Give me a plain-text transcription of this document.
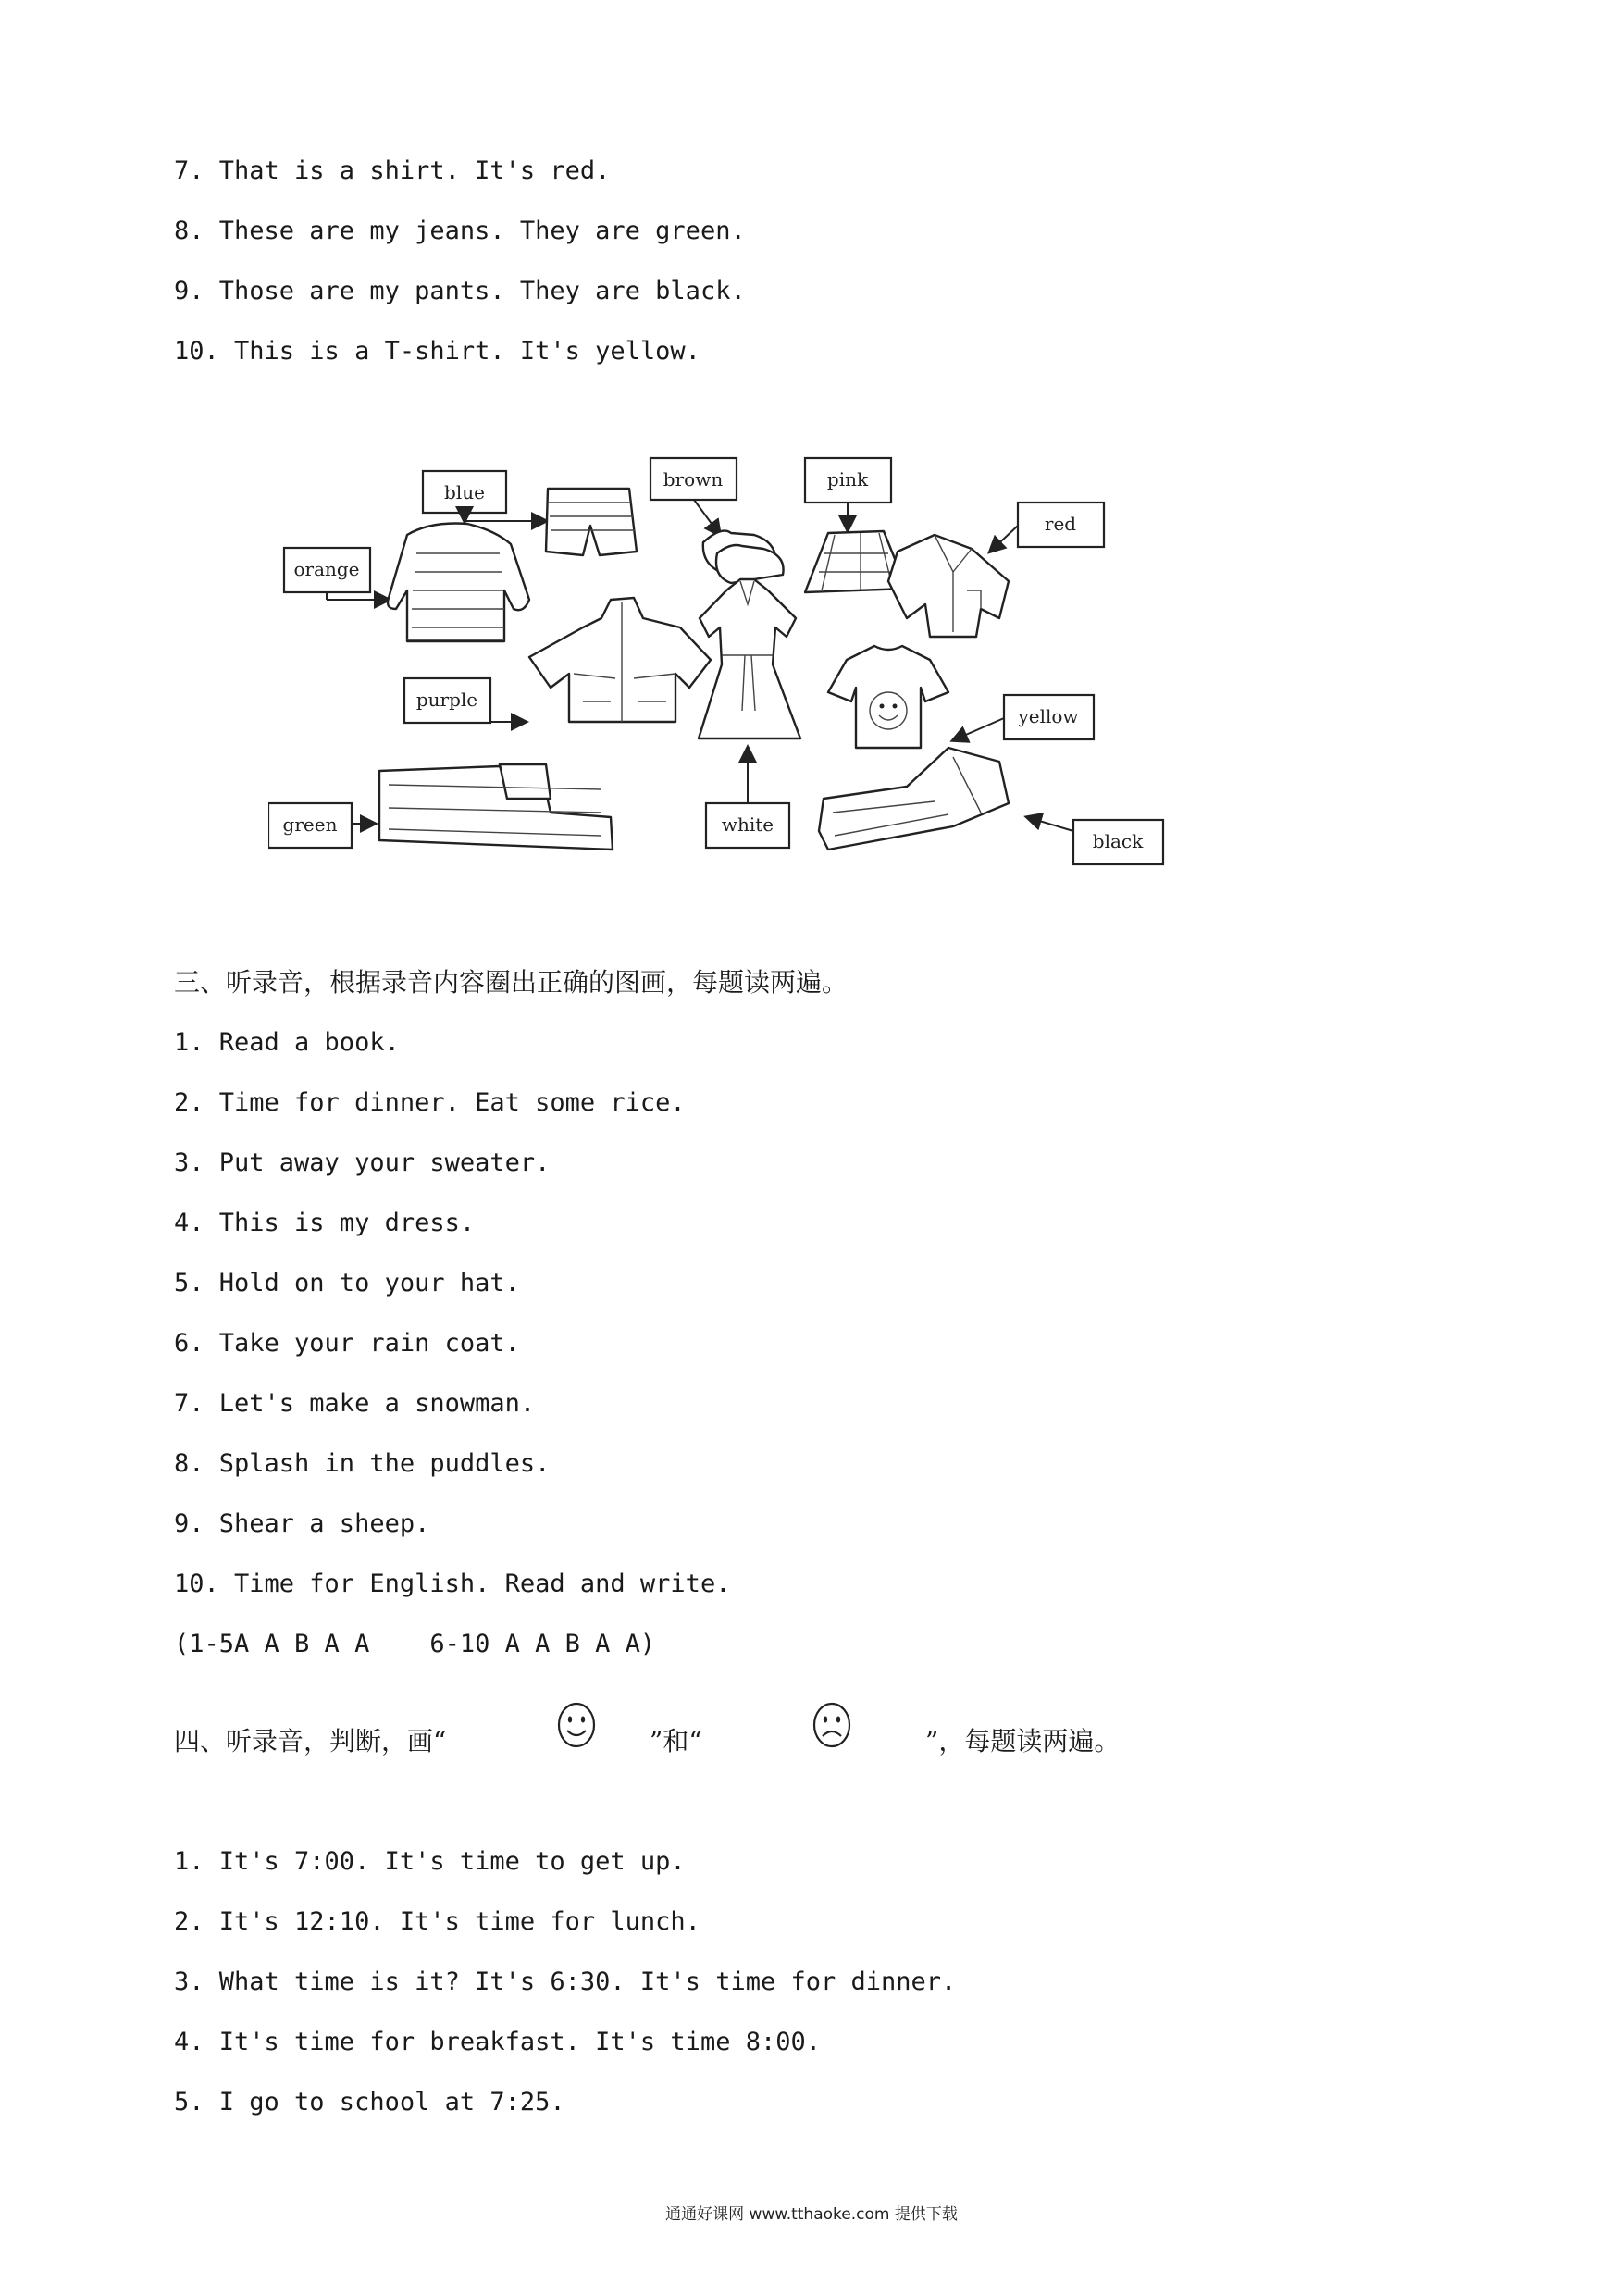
7. That is a shirt. It's red.
8. These are my jeans. They are green.
9. Those are my pants. They are black.
10. This is a T-shirt. It's yellow.
blue
brown	pink
red
orange
purple
yellow
green	white
black
三、听录音，根据录音内容圈出正确的图画，每题读两遍。
1. Read a book.
2. Time for dinner. Eat some rice.
3. Put away your sweater.
4. This is my dress.
5. Hold on to your hat.
6. Take your rain coat.
7. Let's make a snowman.
8. Splash in the puddles.
9. Shear a sheep.
10. Time for English. Read and write.
(1-5A A B A A    6-10 A A B A A)
四、听录音，判断，画“	”和“	”，每题读两遍。
1. It's 7:00. It's time to get up.
2. It's 12:10. It's time for lunch.
3. What time is it? It's 6:30. It's time for dinner.
4. It's time for breakfast. It's time 8:00.
5. I go to school at 7:25.
通通好课网 www.tthaoke.com 提供下载
